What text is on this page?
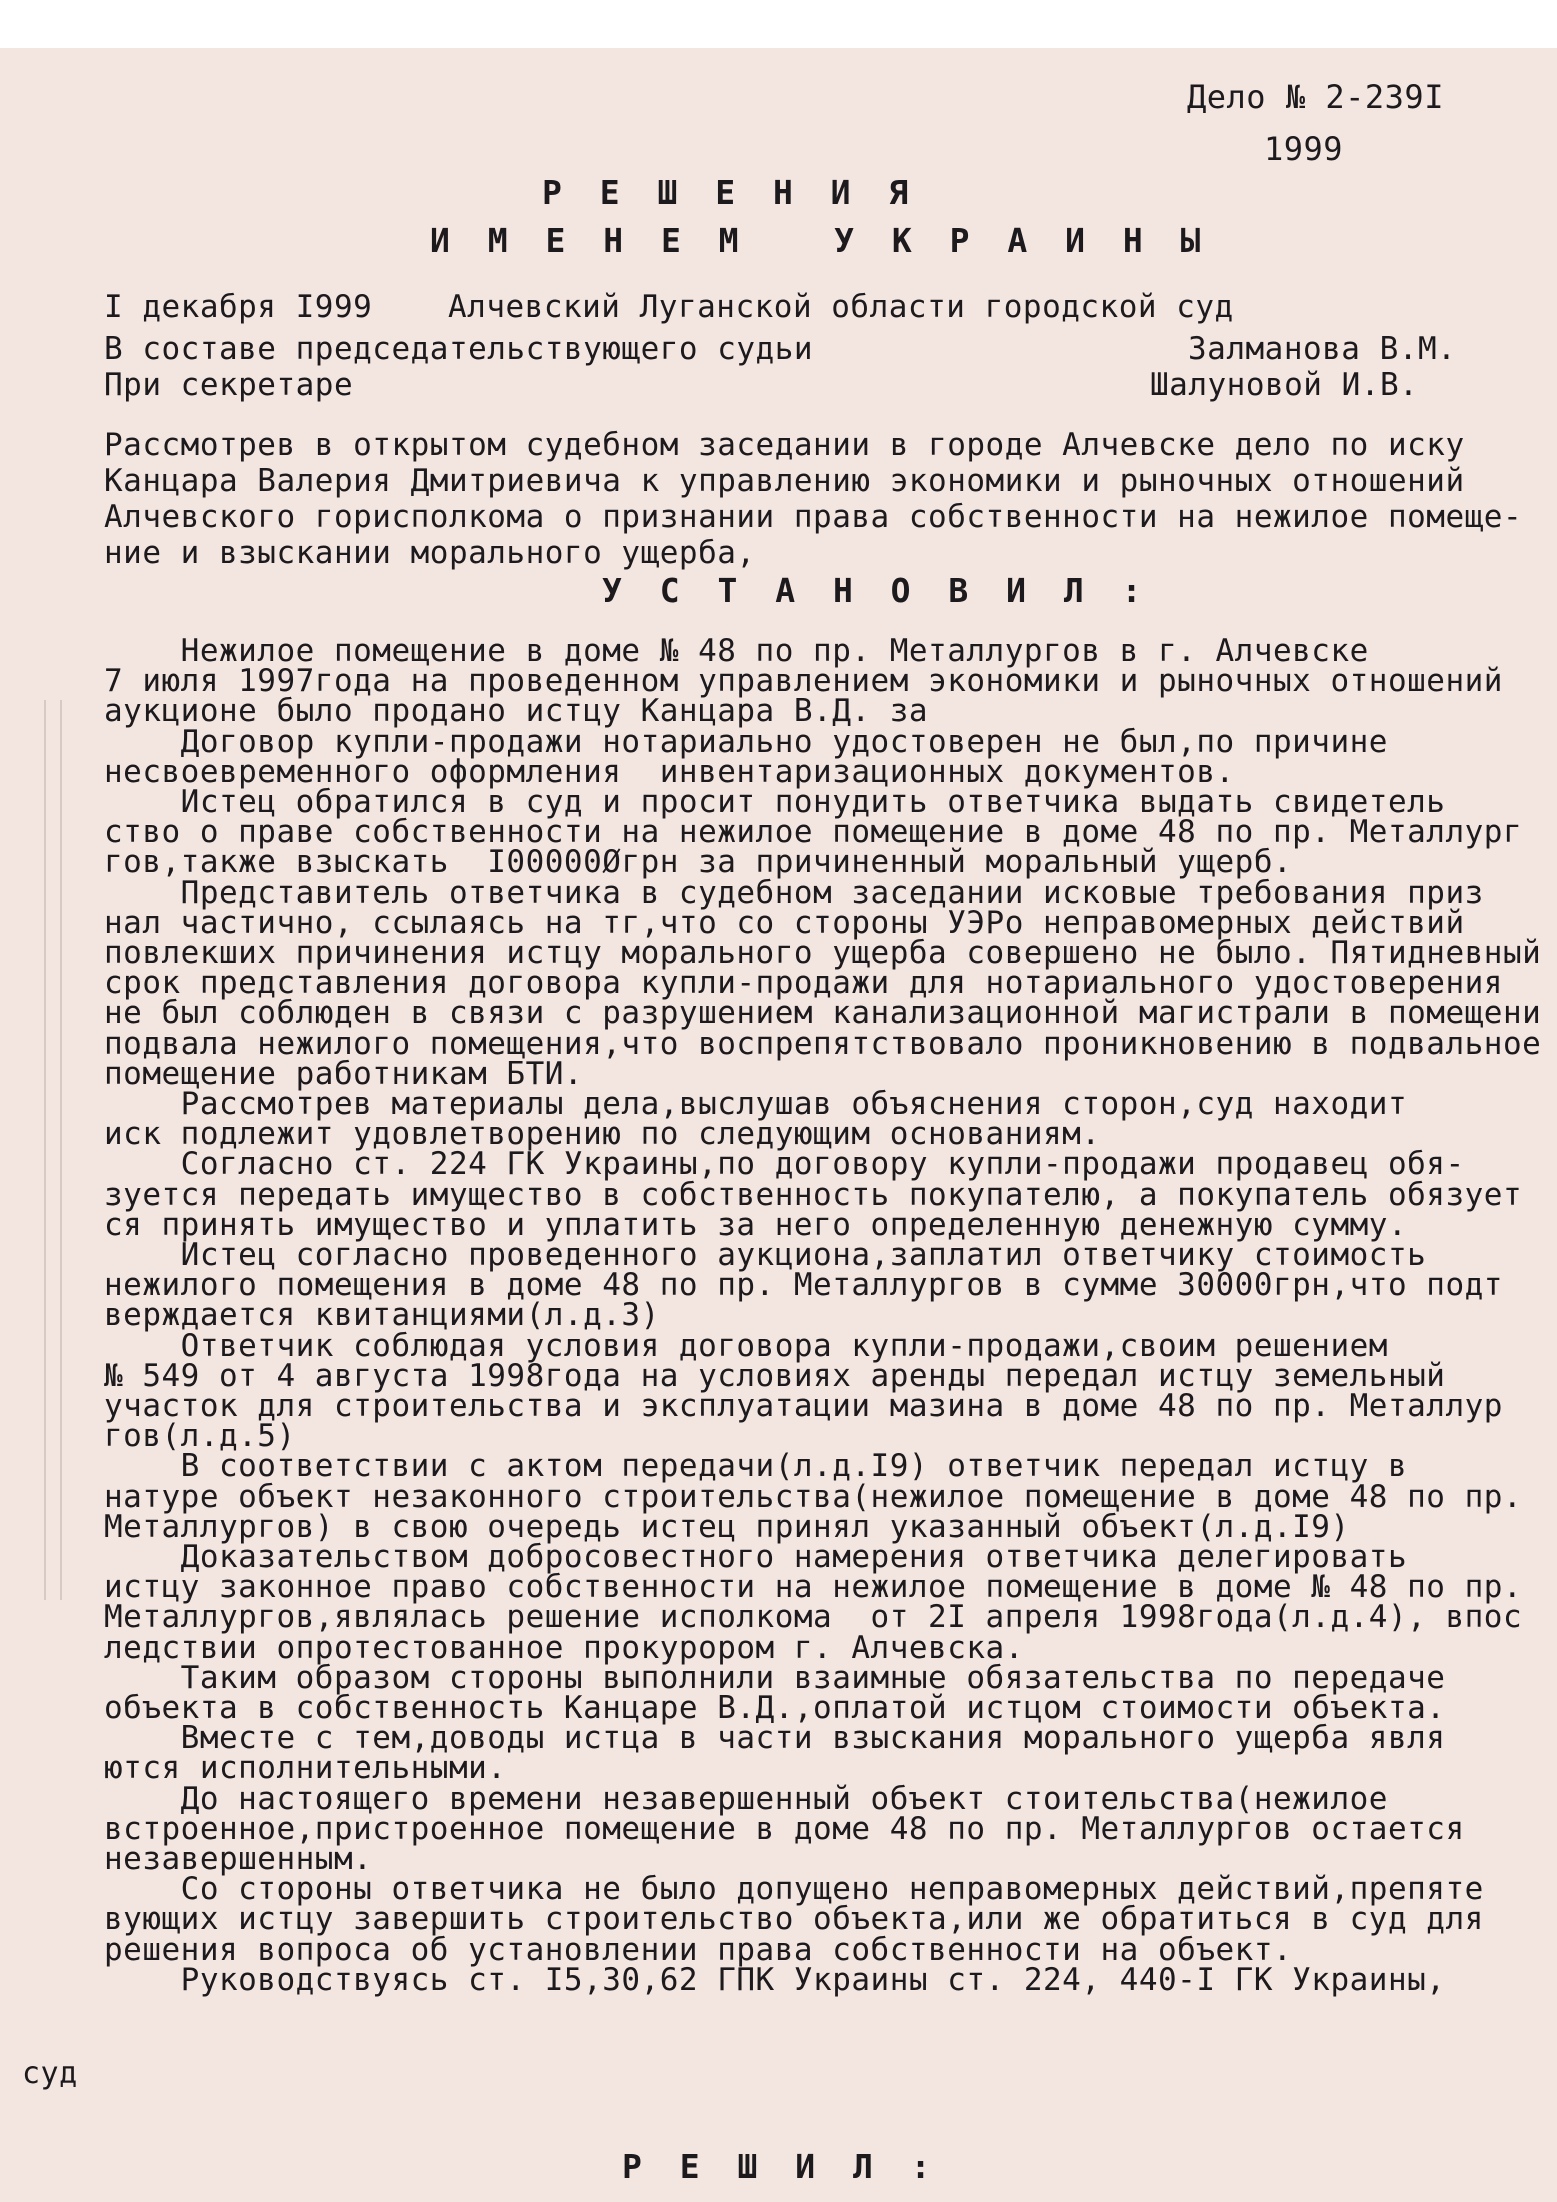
Дело № 2-239I
1999
Р Е Ш Е Н И Я
И М Е Н Е М   У К Р А И Н Ы
I декабря I999 Алчевский Луганской области городской суд
В составе председательствующего судьи	Залманова В.М.
При секретаре	Шалуновой И.В.
Рассмотрев в открытом судебном заседании в городе Алчевске дело по иску
Канцара Валерия Дмитриевича к управлению экономики и рыночных отношений
Алчевского горисполкома о признании права собственности на нежилое помеще-
ние и взыскании морального ущерба,
У С Т А Н О В И Л :
Нежилое помещение в доме № 48 по пр. Металлургов в г. Алчевске
7 июля 1997года на проведенном управлением экономики и рыночных отношений
аукционе было продано истцу Канцара В.Д. за
Договор купли-продажи нотариально удостоверен не был,по причине
несвоевременного оформления  инвентаризационных документов.
Истец обратился в суд и просит понудить ответчика выдать свидетель
ство о праве собственности на нежилое помещение в доме 48 по пр. Металлург
гов,также взыскать  I00000Øгрн за причиненный моральный ущерб.
Представитель ответчика в судебном заседании исковые требования приз
нал частично, ссылаясь на тг,что со стороны УЭРо неправомерных действий
повлекших причинения истцу морального ущерба совершено не было. Пятидневный
срок представления договора купли-продажи для нотариального удостоверения
не был соблюден в связи с разрушением канализационной магистрали в помещени
подвала нежилого помещения,что воспрепятствовало проникновению в подвальное
помещение работникам БТИ.
Рассмотрев материалы дела,выслушав объяснения сторон,суд находит
иск подлежит удовлетворению по следующим основаниям.
Согласно ст. 224 ГК Украины,по договору купли-продажи продавец обя-
зуется передать имущество в собственность покупателю, а покупатель обязует
ся принять имущество и уплатить за него определенную денежную сумму.
Истец согласно проведенного аукциона,заплатил ответчику стоимость
нежилого помещения в доме 48 по пр. Металлургов в сумме 30000грн,что подт
верждается квитанциями(л.д.3)
Ответчик соблюдая условия договора купли-продажи,своим решением
№ 549 от 4 августа 1998года на условиях аренды передал истцу земельный
участок для строительства и эксплуатации мазина в доме 48 по пр. Металлур
гов(л.д.5)
В соответствии с актом передачи(л.д.I9) ответчик передал истцу в
натуре объект незаконного строительства(нежилое помещение в доме 48 по пр.
Металлургов) в свою очередь истец принял указанный объект(л.д.I9)
Доказательством добросовестного намерения ответчика делегировать
истцу законное право собственности на нежилое помещение в доме № 48 по пр.
Металлургов,являлась решение исполкома  от 2I апреля 1998года(л.д.4), впос
ледствии опротестованное прокурором г. Алчевска.
Таким образом стороны выполнили взаимные обязательства по передаче
объекта в собственность Канцаре В.Д.,оплатой истцом стоимости объекта.
Вместе с тем,доводы истца в части взыскания морального ущерба явля
ются исполнительными.
До настоящего времени незавершенный объект стоительства(нежилое
встроенное,пристроенное помещение в доме 48 по пр. Металлургов остается
незавершенным.
Со стороны ответчика не было допущено неправомерных действий,препяте
вующих истцу завершить строительство объекта,или же обратиться в суд для
решения вопроса об установлении права собственности на объект.
Руководствуясь ст. I5,30,62 ГПК Украины ст. 224, 440-I ГК Украины,
суд
Р Е Ш И Л :
